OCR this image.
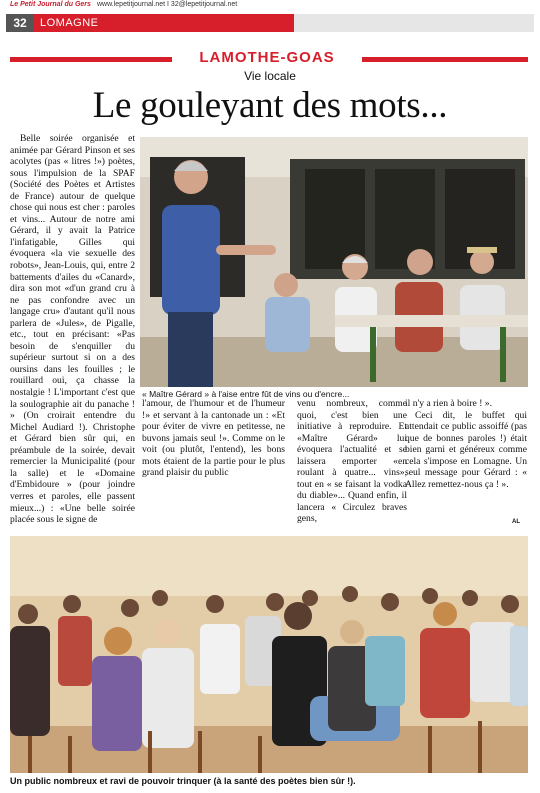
Le Petit Journal du Gers www.lepetitjournal.net I 32@lepetitjournal.net
32	LOMAGNE
LAMOTHE-GOAS
Vie locale
Le gouleyant des mots...

Belle soirée organisée et animée par Gérard Pinson et ses acolytes (pas « litres !») poètes, sous l'impulsion de la SPAF (Société des Poètes et Artistes de France) autour de quelque chose qui nous est cher : paroles et vins... Autour de notre ami Gérard, il y avait la Patrice l'infatigable, Gilles qui évoquera «la vie sexuelle des robots», Jean-Louis, qui, entre 2 battements d'ailes du «Canard», dira son mot «d'un grand cru à ne pas confondre avec un langage cru» d'autant qu'il nous parlera de «Jules», de Pigalle, etc., tout en précisant: «Pas besoin de s'enquiller du supérieur surtout si on a des oursins dans les fouilles ; le rouillard oui, ça chasse la nostalgie ! L'important c'est que la soulographie ait du panache ! » (On croirait entendre du Michel Audiard !). Christophe et Gérard bien sûr qui, en préambule de la soirée, devait remercier la Municipalité (pour la salle) et le «Domaine d'Embidoure » (pour joindre verres et paroles, elle passent mieux...) : «Une belle soirée placée sous le signe de

« Maître Gérard » à l'aise entre fût de vins ou d'encre...

l'amour, de l'humour et de l'humeur !» et servant à la cantonade un : «Et pour éviter de vivre en petitesse, ne buvons jamais seul !». Comme on le voit (ou plutôt, l'entend), les bons mots étaient de la partie pour le plus grand plaisir du public

venu nombreux, comme quoi, c'est bien une initiative à reproduire. Et «Maître Gérard» lui évoquera l'actualité et se laissera emporter «en roulant à quatre... vins», tout en « se faisant la vodka du diable»... Quand enfin, il lancera « Circulez braves gens,

il n'y a rien à boire ! ».

Ceci dit, le buffet qui attendait ce public assoiffé (pas que de bonnes paroles !) était bien garni et généreux comme cela s'impose en Lomagne. Un seul message pour Gérard : « Allez remettez-nous ça ! ».

AL
Un public nombreux et ravi de pouvoir trinquer (à la santé des poètes bien sûr !).
